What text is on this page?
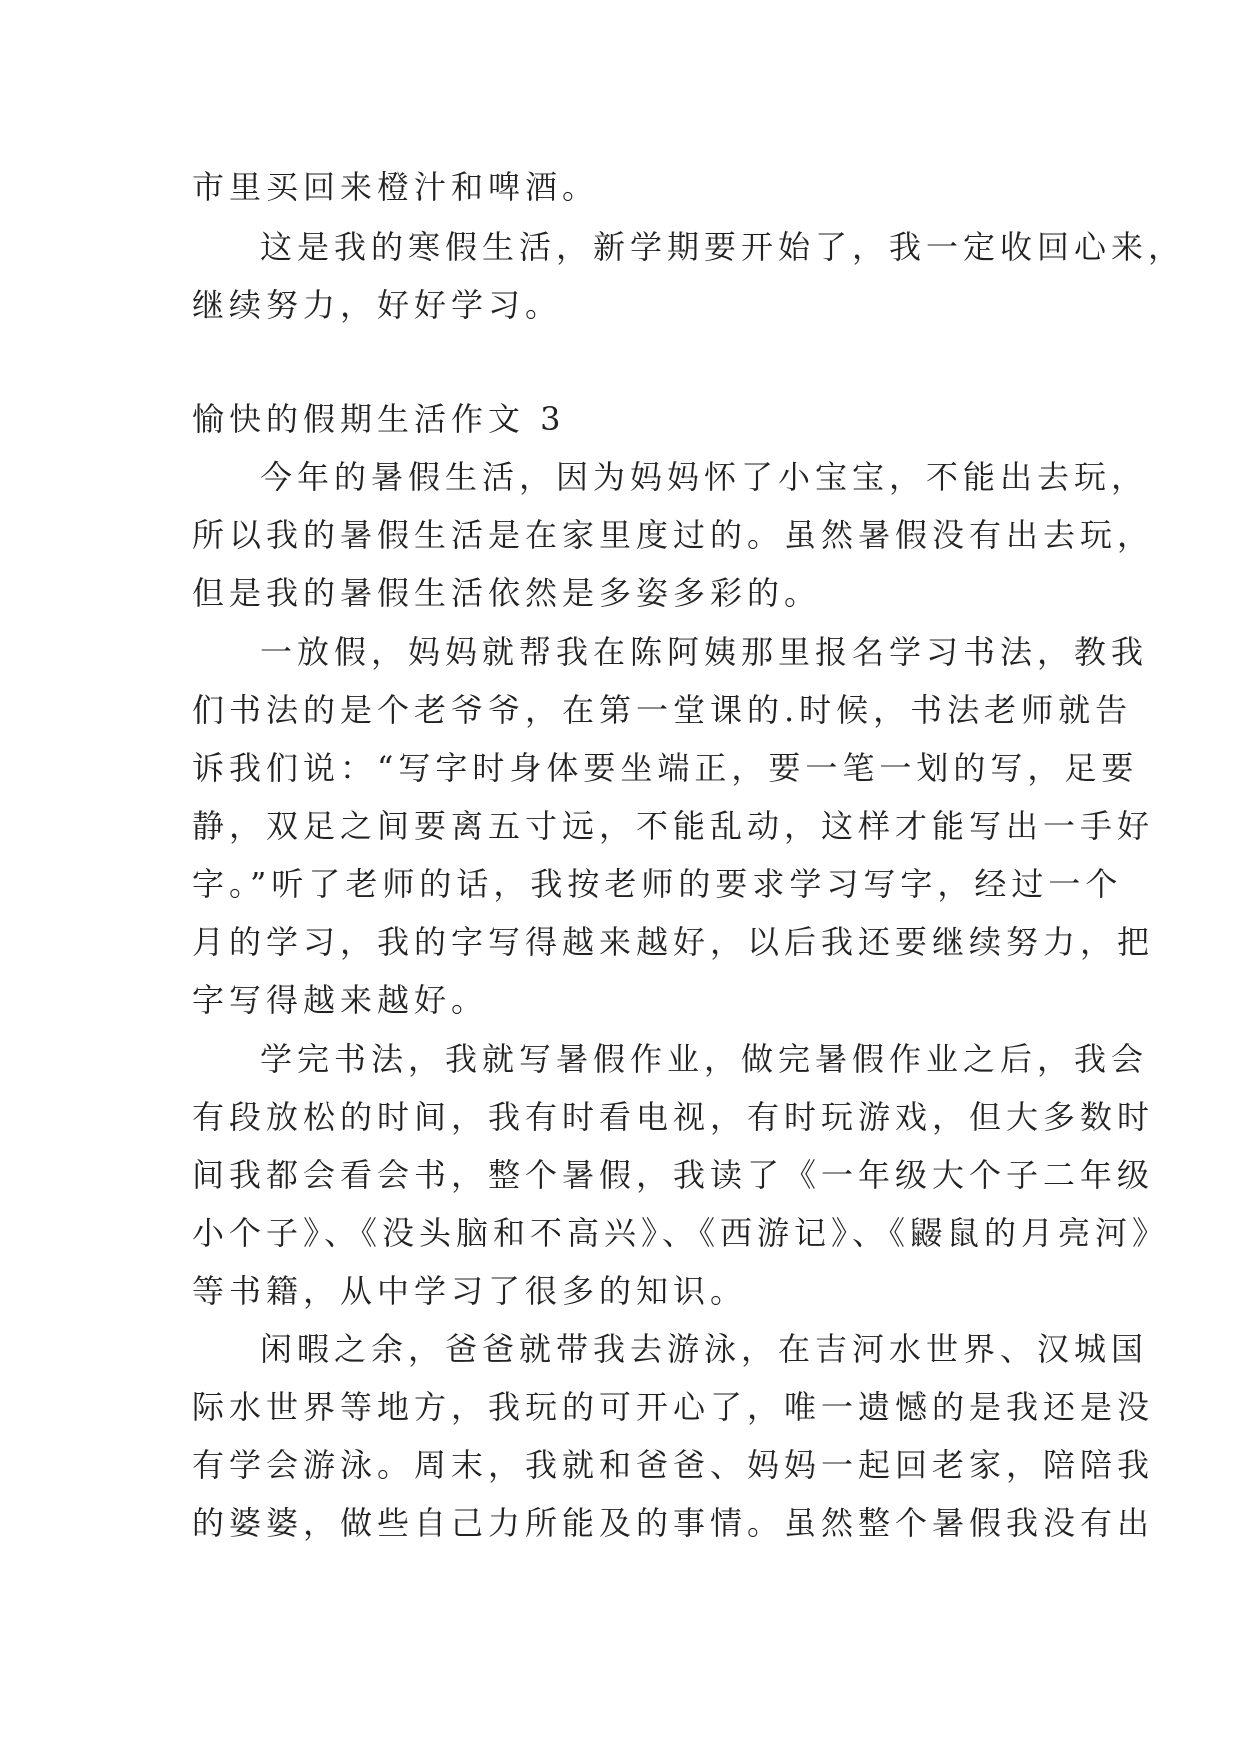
市里买回来橙汁和啤酒。
这是我的寒假生活，新学期要开始了，我一定收回心来，
继续努力，好好学习。
愉快的假期生活作文 3
今年的暑假生活，因为妈妈怀了小宝宝，不能出去玩，
所以我的暑假生活是在家里度过的。虽然暑假没有出去玩，
但是我的暑假生活依然是多姿多彩的。
一放假，妈妈就帮我在陈阿姨那里报名学习书法，教我
们书法的是个老爷爷，在第一堂课的.时候，书法老师就告
诉我们说：“写字时身体要坐端正，要一笔一划的写，足要
静，双足之间要离五寸远，不能乱动，这样才能写出一手好
字。”听了老师的话，我按老师的要求学习写字，经过一个
月的学习，我的字写得越来越好，以后我还要继续努力，把
字写得越来越好。
学完书法，我就写暑假作业，做完暑假作业之后，我会
有段放松的时间，我有时看电视，有时玩游戏，但大多数时
间我都会看会书，整个暑假，我读了《一年级大个子二年级
小个子》、《没头脑和不高兴》、《西游记》、《鼹鼠的月亮河》
等书籍，从中学习了很多的知识。
闲暇之余，爸爸就带我去游泳，在吉河水世界、汉城国
际水世界等地方，我玩的可开心了，唯一遗憾的是我还是没
有学会游泳。周末，我就和爸爸、妈妈一起回老家，陪陪我
的婆婆，做些自己力所能及的事情。虽然整个暑假我没有出
